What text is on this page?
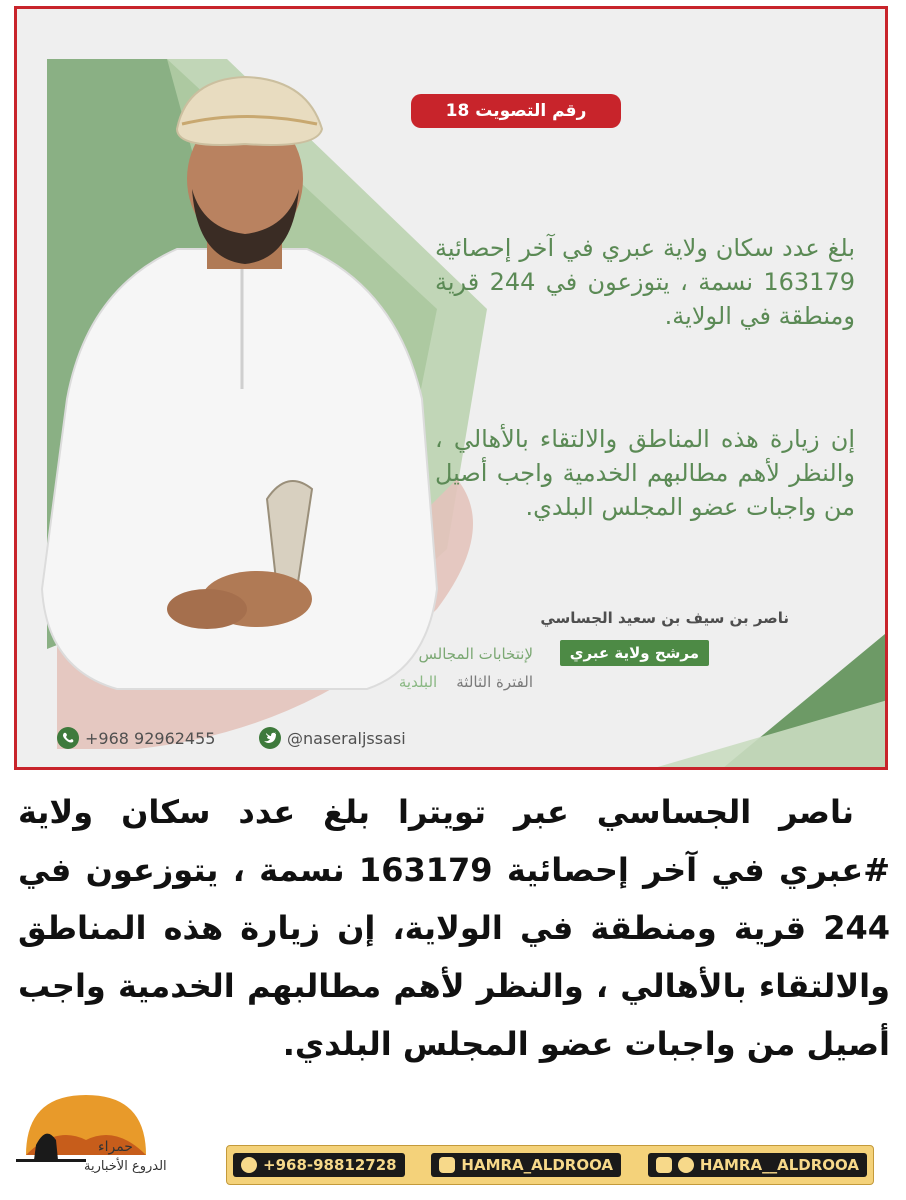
رقم التصويت 18
بلغ عدد سكان ولاية عبري في آخر إحصائية 163179 نسمة ، يتوزعون في 244 قرية ومنطقة في الولاية.
إن زيارة هذه المناطق والالتقاء بالأهالي ، والنظر لأهم مطالبهم الخدمية واجب أصيل من واجبات عضو المجلس البلدي.
ناصر بن سيف بن سعيد الجساسي
مرشح ولاية عبري
لإنتخابات المجالس
الفترة الثالثة    البلدية
+968 92962455	@naseraljssasi
ناصر الجساسي عبر تويترا بلغ عدد سكان ولاية #عبري في آخر إحصائية 163179 نسمة ، يتوزعون في 244 قرية ومنطقة في الولاية، إن زيارة هذه المناطق والالتقاء بالأهالي ، والنظر لأهم مطالبهم الخدمية واجب أصيل من واجبات عضو المجلس البلدي.
حمراء
الدروع الأخبارية	+968-98812728	HAMRA_ALDROOA	HAMRA__ALDROOA
